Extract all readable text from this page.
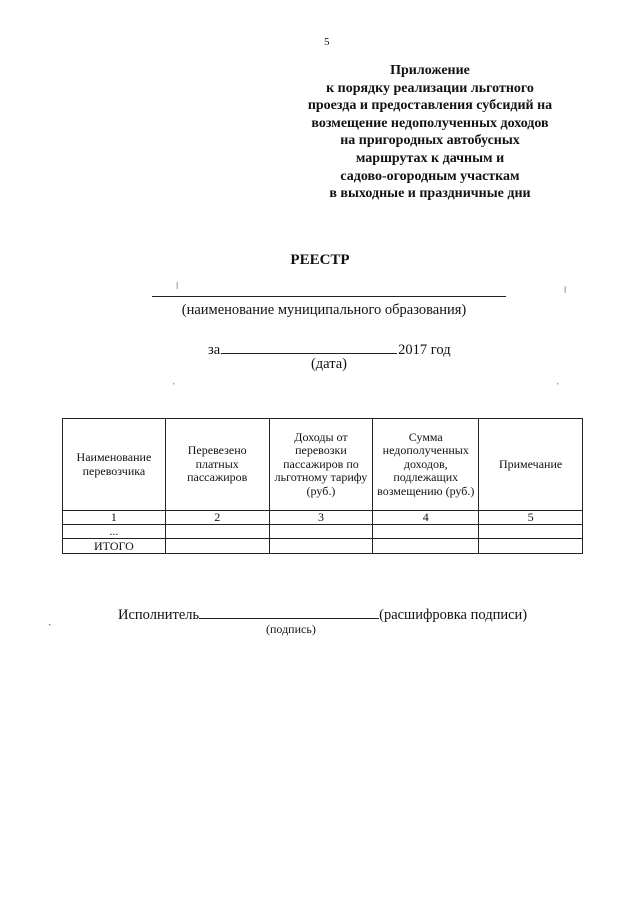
5
Приложение
к порядку реализации льготного
проезда и предоставления субсидий на
возмещение недополученных доходов
на пригородных автобусных
маршрутах к дачным и
садово-огородным участкам
в выходные и праздничные дни
РЕЕСТР
ǀ	ǀ
(наименование муниципального образования)
за	2017 год
(дата)
ˌ	ˌ
Наименование перевозчика	Перевезено платных пассажиров	Доходы от перевозки пассажиров по льготному тарифу (руб.)	Сумма недополученных доходов, подлежащих возмещению (руб.)	Примечание
1	2	3	4	5
...				
ИТОГО				
Исполнитель	(расшифровка подписи)
(подпись)
ˏ
